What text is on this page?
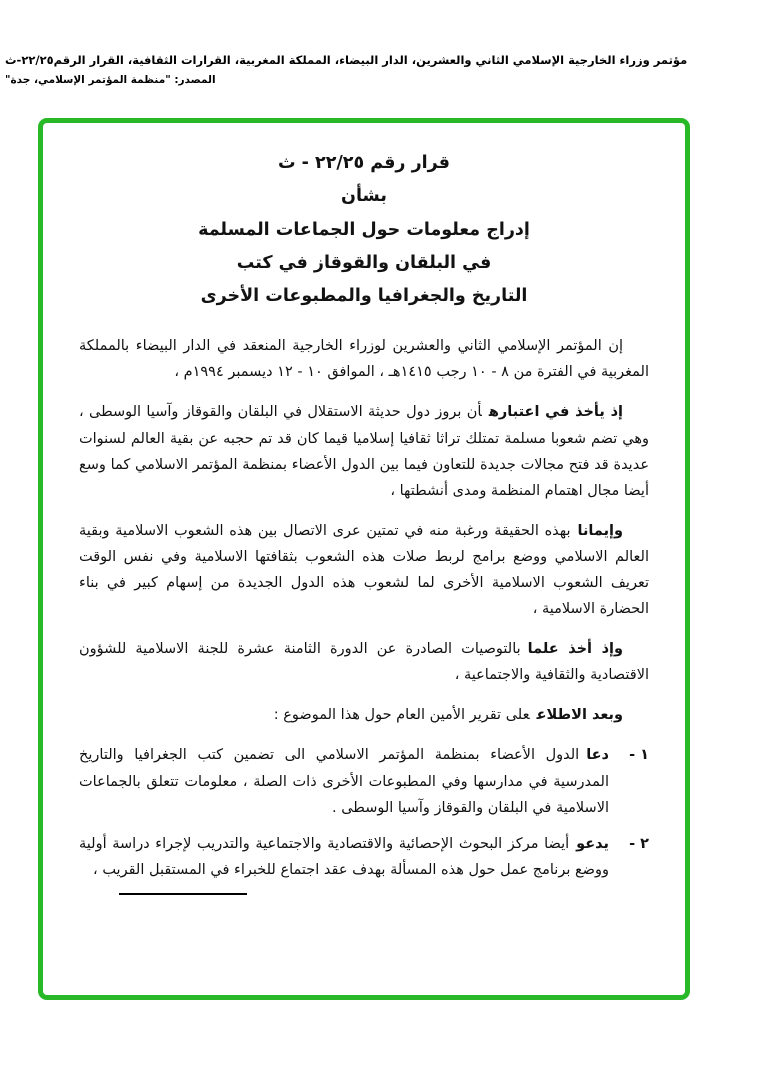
مؤتمر وزراء الخارجية الإسلامي الثاني والعشرين، الدار البيضاء، المملكة المغربية، القرارات الثقافية، القرار الرقم٢٢/٢٥-ث
المصدر: "منظمة المؤتمر الإسلامي، جدة"
قرار رقم ٢٢/٢٥ - ث
بشأن
إدراج معلومات حول الجماعات المسلمة
في البلقان والقوقاز في كتب
التاريخ والجغرافيا والمطبوعات الأخرى

إن المؤتمر الإسلامي الثاني والعشرين لوزراء الخارجية المنعقد في الدار البيضاء بالمملكة المغربية في الفترة من ٨ - ١٠ رجب ١٤١٥هـ ، الموافق ١٠ - ١٢ ديسمبر ١٩٩٤م ،

إذ يأخذ في اعتبارهأن بروز دول حديثة الاستقلال في البلقان والقوقاز وآسيا الوسطى ، وهي تضم شعوبا مسلمة تمتلك تراثا ثقافيا إسلاميا قيما كان قد تم حجبه عن بقية العالم لسنوات عديدة قد فتح مجالات جديدة للتعاون فيما بين الدول الأعضاء بمنظمة المؤتمر الاسلامي كما وسع أيضا مجال اهتمام المنظمة ومدى أنشطتها ،

وإيمانابهذه الحقيقة ورغبة منه في تمتين عرى الاتصال بين هذه الشعوب الاسلامية وبقية العالم الاسلامي ووضع برامج لربط صلات هذه الشعوب بثقافتها الاسلامية وفي نفس الوقت تعريف الشعوب الاسلامية الأخرى لما لشعوب هذه الدول الجديدة من إسهام كبير في بناء الحضارة الاسلامية ،

وإذ أخذ علمابالتوصيات الصادرة عن الدورة الثامنة عشرة للجنة الاسلامية للشؤون الاقتصادية والثقافية والاجتماعية ،

وبعد الاطلاععلى تقرير الأمين العام حول هذا الموضوع :

١ -
دعاالدول الأعضاء بمنظمة المؤتمر الاسلامي الى تضمين كتب الجغرافيا والتاريخ المدرسية في مدارسها وفي المطبوعات الأخرى ذات الصلة ، معلومات تتعلق بالجماعات الاسلامية في البلقان والقوقاز وآسيا الوسطى .
٢ -
يدعوأيضا مركز البحوث الإحصائية والاقتصادية والاجتماعية والتدريب لإجراء دراسة أولية ووضع برنامج عمل حول هذه المسألة بهدف عقد اجتماع للخبراء في المستقبل القريب ،
